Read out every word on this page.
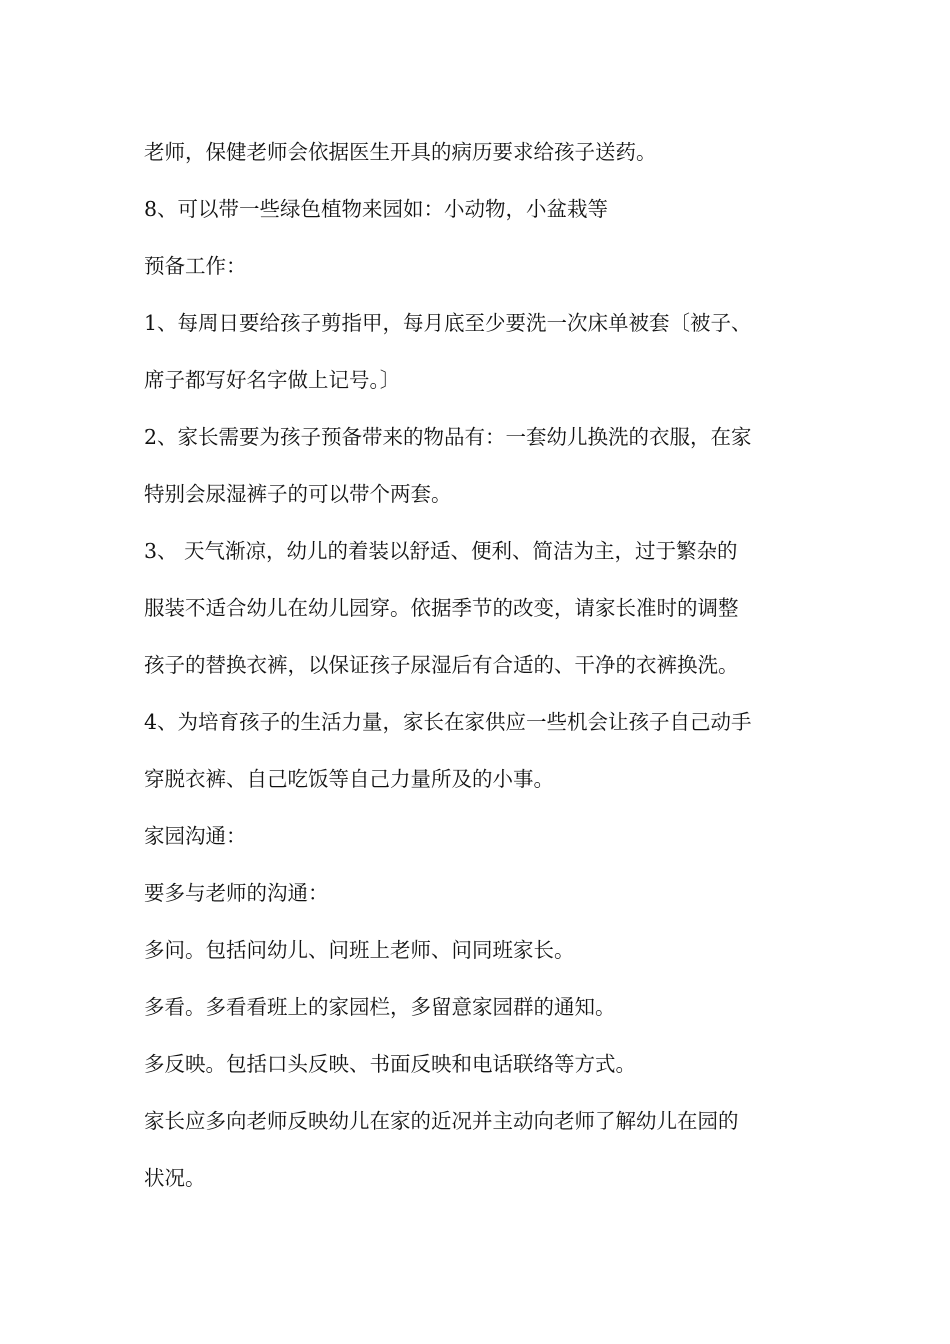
老师，保健老师会依据医生开具的病历要求给孩子送药。
8、可以带一些绿色植物来园如：小动物，小盆栽等
预备工作：
1、每周日要给孩子剪指甲，每月底至少要洗一次床单被套〔被子、
席子都写好名字做上记号。〕
2、家长需要为孩子预备带来的物品有：一套幼儿换洗的衣服，在家
特别会尿湿裤子的可以带个两套。
3、 天气渐凉，幼儿的着装以舒适、便利、简洁为主，过于繁杂的
服装不适合幼儿在幼儿园穿。依据季节的改变，请家长准时的调整
孩子的替换衣裤，以保证孩子尿湿后有合适的、干净的衣裤换洗。
4、为培育孩子的生活力量，家长在家供应一些机会让孩子自己动手
穿脱衣裤、自己吃饭等自己力量所及的小事。
家园沟通：
要多与老师的沟通：
多问。包括问幼儿、问班上老师、问同班家长。
多看。多看看班上的家园栏，多留意家园群的通知。
多反映。包括口头反映、书面反映和电话联络等方式。
家长应多向老师反映幼儿在家的近况并主动向老师了解幼儿在园的
状况。
